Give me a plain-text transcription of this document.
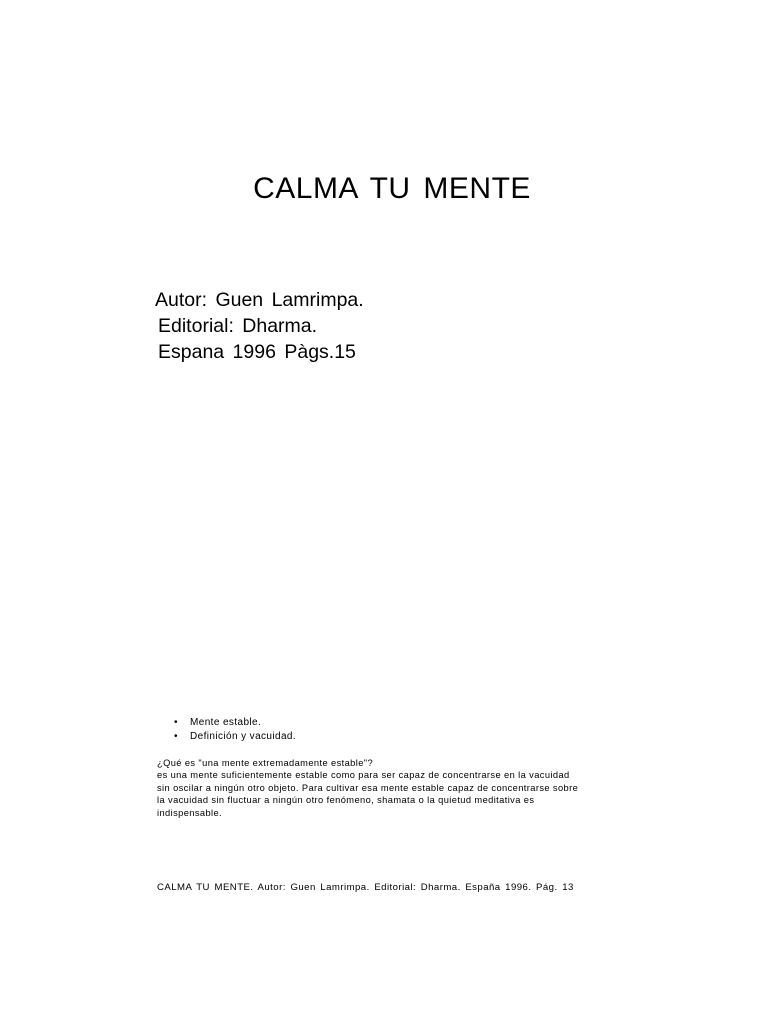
CALMA TU MENTE
Autor: Guen Lamrimpa.
Editorial: Dharma.
Espana 1996 Pàgs.15
• Mente estable.
• Definición y vacuidad.
¿Qué es "una mente extremadamente estable"?
es una mente suficientemente estable como para ser capaz de concentrarse en la vacuidad
sin oscilar a ningún otro objeto. Para cultivar esa mente estable capaz de concentrarse sobre
la vacuidad sin fluctuar a ningún otro fenómeno, shamata o la quietud meditativa es
indispensable.
CALMA TU MENTE. Autor: Guen Lamrimpa. Editorial: Dharma. España 1996. Pág. 13
